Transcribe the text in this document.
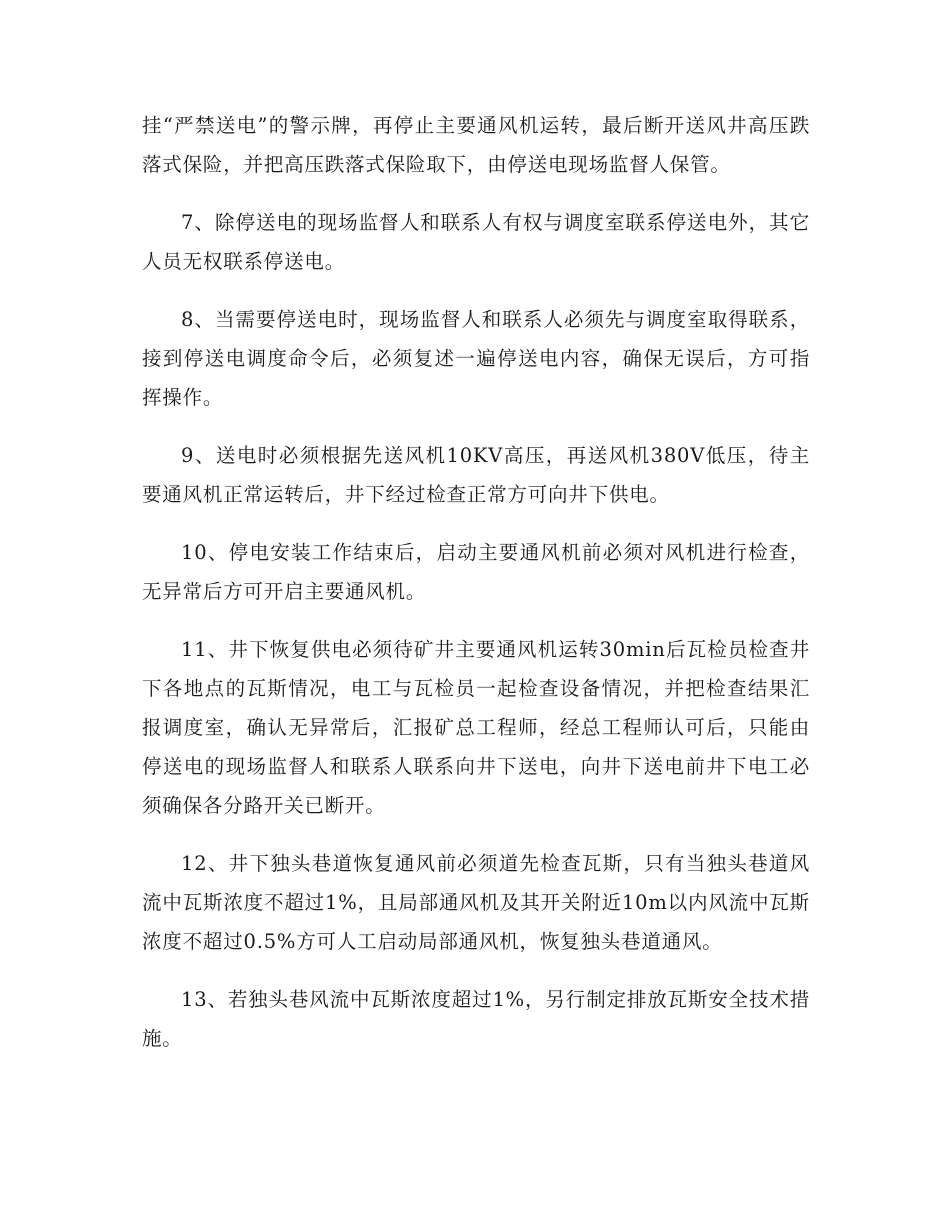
挂“严禁送电”的警示牌，再停止主要通风机运转，最后断开送风井高压跌落式保险，并把高压跌落式保险取下，由停送电现场监督人保管。

7、除停送电的现场监督人和联系人有权与调度室联系停送电外，其它人员无权联系停送电。

8、当需要停送电时，现场监督人和联系人必须先与调度室取得联系，接到停送电调度命令后，必须复述一遍停送电内容，确保无误后，方可指挥操作。

9、送电时必须根据先送风机10KV高压，再送风机380V低压，待主要通风机正常运转后，井下经过检查正常方可向井下供电。

10、停电安装工作结束后，启动主要通风机前必须对风机进行检查，无异常后方可开启主要通风机。

11、井下恢复供电必须待矿井主要通风机运转30min后瓦检员检查井下各地点的瓦斯情况，电工与瓦检员一起检查设备情况，并把检查结果汇报调度室，确认无异常后，汇报矿总工程师，经总工程师认可后，只能由停送电的现场监督人和联系人联系向井下送电，向井下送电前井下电工必须确保各分路开关已断开。

12、井下独头巷道恢复通风前必须道先检查瓦斯，只有当独头巷道风流中瓦斯浓度不超过1%，且局部通风机及其开关附近10m以内风流中瓦斯浓度不超过0.5%方可人工启动局部通风机，恢复独头巷道通风。

13、若独头巷风流中瓦斯浓度超过1%，另行制定排放瓦斯安全技术措施。
